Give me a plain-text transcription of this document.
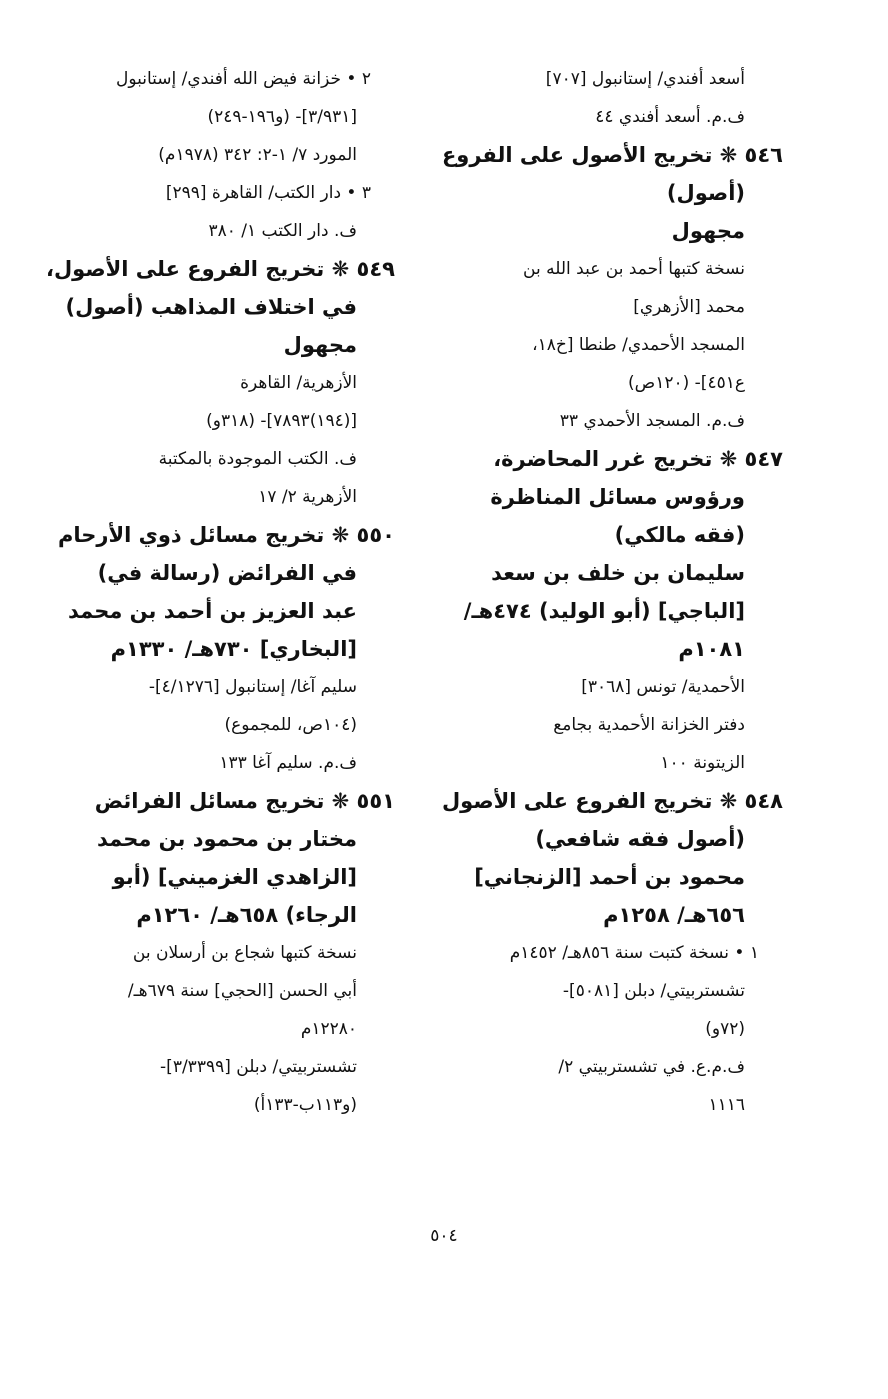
أسعد أفندي/ إستانبول [٧٠٧]
ف.م. أسعد أفندي ٤٤
٥٤٦ ❋ تخريج الأصول على الفروع
(أصول)
مجهول
نسخة كتبها أحمد بن عبد الله بن
محمد [الأزهري]
المسجد الأحمدي/ طنطا [خ١٨،
ع٤٥١]- (١٢٠ص)
ف.م. المسجد الأحمدي ٣٣
٥٤٧ ❋ تخريج غرر المحاضرة،
ورؤوس مسائل المناظرة
(فقه مالكي)
سليمان بن خلف بن سعد
[الباجي] (أبو الوليد) ٤٧٤هـ/
١٠٨١م
الأحمدية/ تونس [٣٠٦٨]
دفتر الخزانة الأحمدية بجامع
الزيتونة ١٠٠
٥٤٨ ❋ تخريج الفروع على الأصول
(أصول فقه شافعي)
محمود بن أحمد [الزنجاني]
٦٥٦هـ/ ١٢٥٨م
١ • نسخة كتبت سنة ٨٥٦هـ/ ١٤٥٢م
تشستربيتي/ دبلن [٥٠٨١]-
(٧٢و)
ف.م.ع. في تشستربيتي ٢/
١١١٦
٢ • خزانة فيض الله أفندي/ إستانبول
[٣/٩٣١]- (و١٩٦-٢٤٩)
المورد ٧/ ١-٢: ٣٤٢ (١٩٧٨م)
٣ • دار الكتب/ القاهرة [٢٩٩]
ف. دار الكتب ١/ ٣٨٠
٥٤٩ ❋ تخريج الفروع على الأصول،
في اختلاف المذاهب (أصول)
مجهول
الأزهرية/ القاهرة
[(١٩٤)٧٨٩٣]- (٣١٨و)
ف. الكتب الموجودة بالمكتبة
الأزهرية ٢/ ١٧
٥٥٠ ❋ تخريج مسائل ذوي الأرحام
في الفرائض (رسالة في)
عبد العزيز بن أحمد بن محمد
[البخاري] ٧٣٠هـ/ ١٣٣٠م
سليم آغا/ إستانبول [٤/١٢٧٦]-
(١٠٤ص، للمجموع)
ف.م. سليم آغا ١٣٣
٥٥١ ❋ تخريج مسائل الفرائض
مختار بن محمود بن محمد
[الزاهدي الغزميني] (أبو
الرجاء) ٦٥٨هـ/ ١٢٦٠م
نسخة كتبها شجاع بن أرسلان بن
أبي الحسن [الحجي] سنة ٦٧٩هـ/
١٢٢٨٠م
تشستربيتي/ دبلن [٣/٣٣٩٩]-
(و١١٣ب-١٣٣أ)
٥٠٤
